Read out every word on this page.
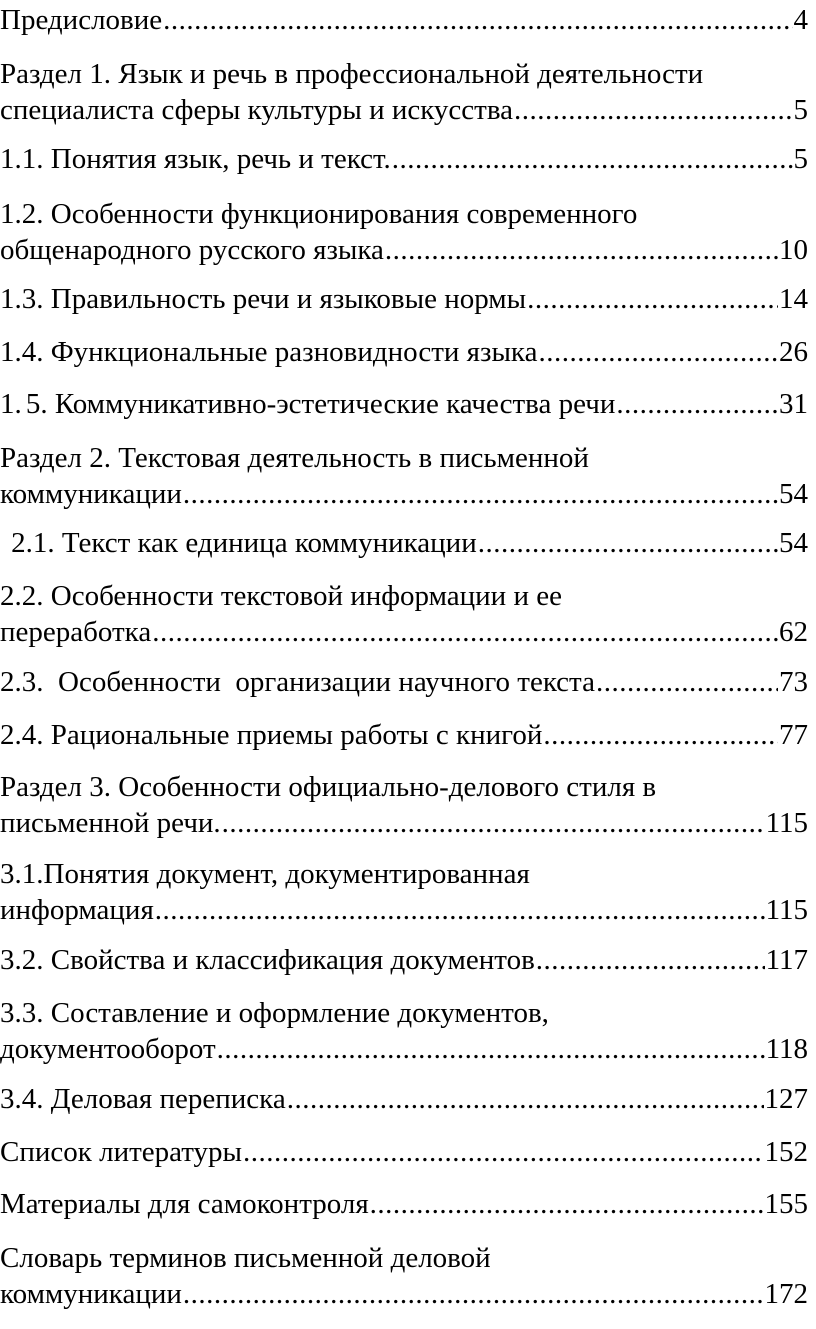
Предисловие .....	4
Раздел 1. Язык и речь в профессиональной деятельности
специалиста сферы культуры и искусства .....	5
1.1. Понятия язык, речь и текст. .....	5
1.2. Особенности функционирования современного
общенародного русского языка .....	10
1.3. Правильность речи и языковые нормы .....	14
1.4. Функциональные разновидности языка .....	26
1. 5. Коммуникативно-эстетические качества речи .....	31
Раздел 2. Текстовая деятельность в письменной
коммуникации .....	54
2.1. Текст как единица коммуникации .....	54
2.2. Особенности текстовой информации и ее
переработка .....	62
2.3.  Особенности  организации научного текста .....	73
2.4. Рациональные приемы работы с книгой .....	77
Раздел 3. Особенности официально-делового стиля в
письменной речи. .....	115
3.1.Понятия документ, документированная
информация .....	115
3.2. Свойства и классификация документов .....	117
3.3. Составление и оформление документов,
документооборот .....	118
3.4. Деловая переписка .....	127
Список литературы .....	152
Материалы для самоконтроля .....	155
Словарь терминов письменной деловой
коммуникации .....	172
